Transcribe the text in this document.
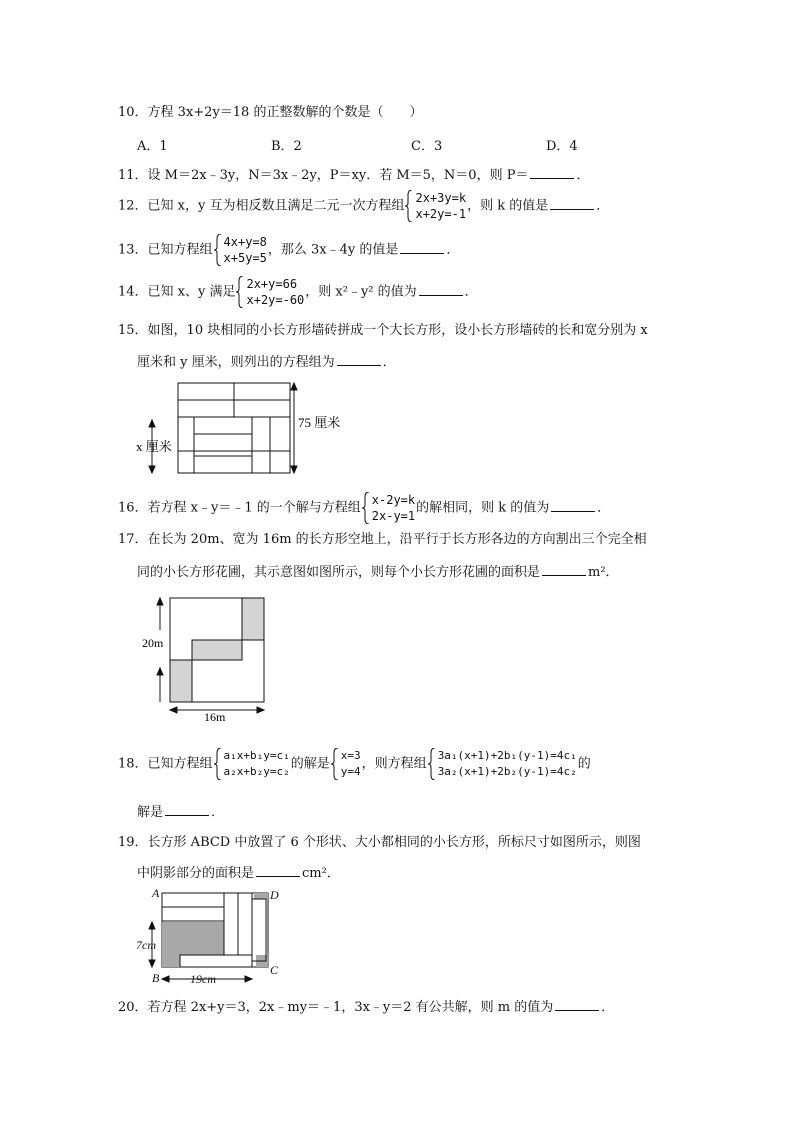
10．方程 3x+2y＝18 的正整数解的个数是（　　）
A．1	B．2	C．3	D．4
11．设 M＝2x﹣3y，N＝3x﹣2y，P＝xy．若 M＝5，N＝0，则 P＝	．
12．已知 x，y 互为相反数且满足二元一次方程组
2x+3y=k
x+2y=-1
，则 k 的值是	．
13．已知方程组
4x+y=8
x+5y=5
，那么 3x﹣4y 的值是	．
14．已知 x、y 满足
2x+y=66
x+2y=-60
，则 x²﹣y² 的值为	．
15．如图，10 块相同的小长方形墙砖拼成一个大长方形，设小长方形墙砖的长和宽分别为 x
厘米和 y 厘米，则列出的方程组为	．
75 厘米
x 厘米
16．若方程 x﹣y＝﹣1 的一个解与方程组
x-2y=k
2x-y=1
的解相同，则 k 的值为	．
17．在长为 20m、宽为 16m 的长方形空地上，沿平行于长方形各边的方向割出三个完全相
同的小长方形花圃，其示意图如图所示，则每个小长方形花圃的面积是	m²．
20m
16m
18．已知方程组
a₁x+b₁y=c₁
a₂x+b₂y=c₂ 的解是
x=3
y=4 ，则方程组
3a₁(x+1)+2b₁(y-1)=4c₁
3a₂(x+1)+2b₂(y-1)=4c₂ 的
解是	．
19．长方形 ABCD 中放置了 6 个形状、大小都相同的小长方形，所标尺寸如图所示，则图
中阴影部分的面积是	cm²．
A
B
C
D
7cm
19cm
20．若方程 2x+y＝3，2x﹣my＝﹣1，3x﹣y＝2 有公共解，则 m 的值为	．
